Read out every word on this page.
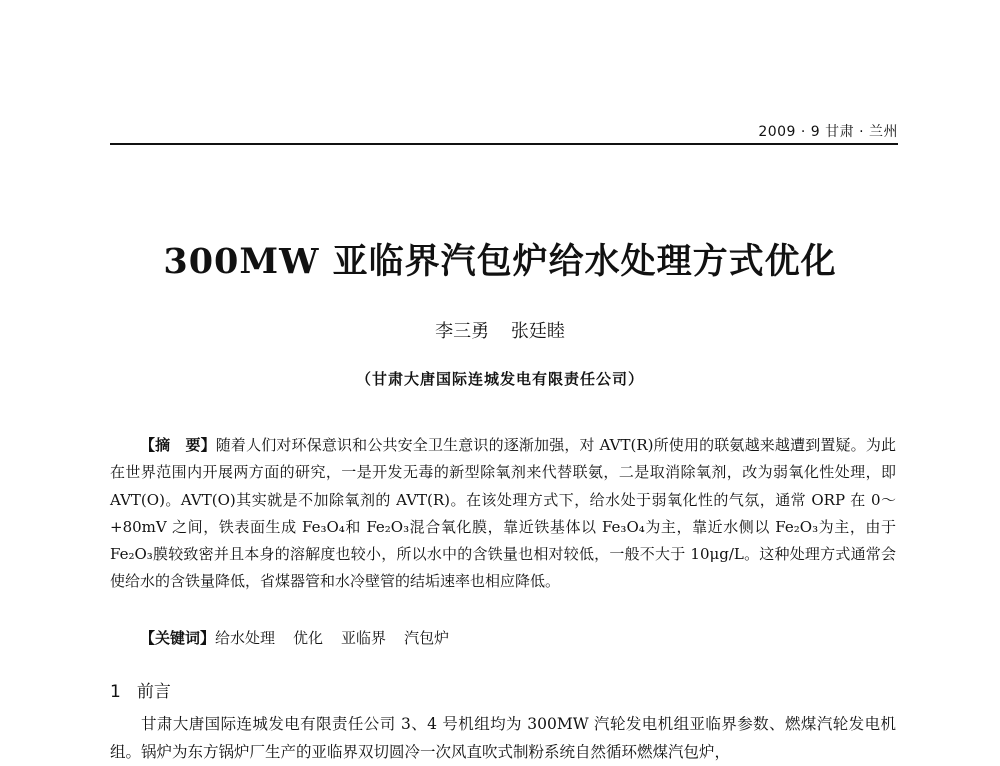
2009 · 9 甘肃 · 兰州
300MW 亚临界汽包炉给水处理方式优化
李三勇 张廷睦
（甘肃大唐国际连城发电有限责任公司）
【摘　要】随着人们对环保意识和公共安全卫生意识的逐渐加强，对 AVT(R)所使用的联氨越来越遭到置疑。为此在世界范围内开展两方面的研究，一是开发无毒的新型除氧剂来代替联氨，二是取消除氧剂，改为弱氧化性处理，即 AVT(O)。AVT(O)其实就是不加除氧剂的 AVT(R)。在该处理方式下，给水处于弱氧化性的气氛，通常 ORP 在 0～+80mV 之间，铁表面生成 Fe₃O₄和 Fe₂O₃混合氧化膜，靠近铁基体以 Fe₃O₄为主，靠近水侧以 Fe₂O₃为主，由于 Fe₂O₃膜较致密并且本身的溶解度也较小，所以水中的含铁量也相对较低，一般不大于 10μg/L。这种处理方式通常会使给水的含铁量降低，省煤器管和水冷壁管的结垢速率也相应降低。
【关键词】给水处理 优化 亚临界 汽包炉
1 前言
甘肃大唐国际连城发电有限责任公司 3、4 号机组均为 300MW 汽轮发电机组亚临界参数、燃煤汽轮发电机组。锅炉为东方锅炉厂生产的亚临界双切圆冷一次风直吹式制粉系统自然循环燃煤汽包炉，
